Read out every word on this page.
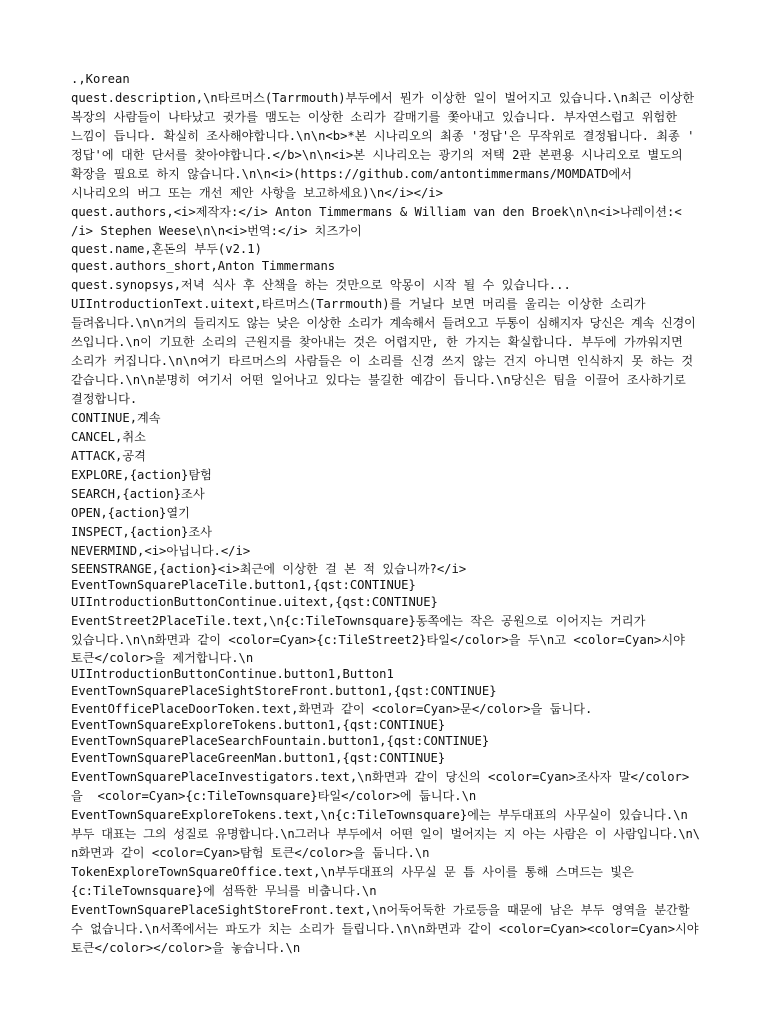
.,Korean
quest.description,\n타르머스(Tarrmouth)부두에서 뭔가 이상한 일이 벌어지고 있습니다.\n최근 이상한
복장의 사람들이 나타났고 귓가를 맴도는 이상한 소리가 갈매기를 쫓아내고 있습니다. 부자연스럽고 위험한
느낌이 듭니다. 확실히 조사해야합니다.\n\n<b>*본 시나리오의 최종 '정답'은 무작위로 결정됩니다. 최종 '
정답'에 대한 단서를 찾아야합니다.</b>\n\n<i>본 시나리오는 광기의 저택 2판 본편용 시나리오로 별도의
확장을 필요로 하지 않습니다.\n\n<i>(https://github.com/antontimmermans/MOMDATD에서
시나리오의 버그 또는 개선 제안 사항을 보고하세요)\n</i></i>
quest.authors,<i>제작자:</i> Anton Timmermans & William van den Broek\n\n<i>나레이션:<
/i> Stephen Weese\n\n<i>번역:</i> 치즈가이
quest.name,혼돈의 부두(v2.1)
quest.authors_short,Anton Timmermans
quest.synopsys,저녁 식사 후 산책을 하는 것만으로 악몽이 시작 될 수 있습니다...
UIIntroductionText.uitext,타르머스(Tarrmouth)를 거닐다 보면 머리를 울리는 이상한 소리가
들려옵니다.\n\n거의 들리지도 않는 낮은 이상한 소리가 계속해서 들려오고 두통이 심해지자 당신은 계속 신경이
쓰입니다.\n이 기묘한 소리의 근원지를 찾아내는 것은 어렵지만, 한 가지는 확실합니다. 부두에 가까워지면
소리가 커집니다.\n\n여기 타르머스의 사람들은 이 소리를 신경 쓰지 않는 건지 아니면 인식하지 못 하는 것
같습니다.\n\n분명히 여기서 어떤 일어나고 있다는 불길한 예감이 듭니다.\n당신은 팀을 이끌어 조사하기로
결정합니다.
CONTINUE,계속
CANCEL,취소
ATTACK,공격
EXPLORE,{action}탐험
SEARCH,{action}조사
OPEN,{action}열기
INSPECT,{action}조사
NEVERMIND,<i>아닙니다.</i>
SEENSTRANGE,{action}<i>최근에 이상한 걸 본 적 있습니까?</i>
EventTownSquarePlaceTile.button1,{qst:CONTINUE}
UIIntroductionButtonContinue.uitext,{qst:CONTINUE}
EventStreet2PlaceTile.text,\n{c:TileTownsquare}동쪽에는 작은 공원으로 이어지는 거리가
있습니다.\n\n화면과 같이 <color=Cyan>{c:TileStreet2}타일</color>을 두\n고 <color=Cyan>시야
토큰</color>을 제거합니다.\n
UIIntroductionButtonContinue.button1,Button1
EventTownSquarePlaceSightStoreFront.button1,{qst:CONTINUE}
EventOfficePlaceDoorToken.text,화면과 같이 <color=Cyan>문</color>을 둡니다.
EventTownSquareExploreTokens.button1,{qst:CONTINUE}
EventTownSquarePlaceSearchFountain.button1,{qst:CONTINUE}
EventTownSquarePlaceGreenMan.button1,{qst:CONTINUE}
EventTownSquarePlaceInvestigators.text,\n화면과 같이 당신의 <color=Cyan>조사자 말</color>
을  <color=Cyan>{c:TileTownsquare}타일</color>에 둡니다.\n
EventTownSquareExploreTokens.text,\n{c:TileTownsquare}에는 부두대표의 사무실이 있습니다.\n
부두 대표는 그의 성질로 유명합니다.\n그러나 부두에서 어떤 일이 벌어지는 지 아는 사람은 이 사람입니다.\n\
n화면과 같이 <color=Cyan>탐험 토큰</color>을 둡니다.\n
TokenExploreTownSquareOffice.text,\n부두대표의 사무실 문 틈 사이를 통해 스며드는 빛은
{c:TileTownsquare}에 섬뜩한 무늬를 비춥니다.\n
EventTownSquarePlaceSightStoreFront.text,\n어둑어둑한 가로등을 때문에 남은 부두 영역을 분간할
수 없습니다.\n서쪽에서는 파도가 치는 소리가 들립니다.\n\n화면과 같이 <color=Cyan><color=Cyan>시야
토큰</color></color>을 놓습니다.\n
